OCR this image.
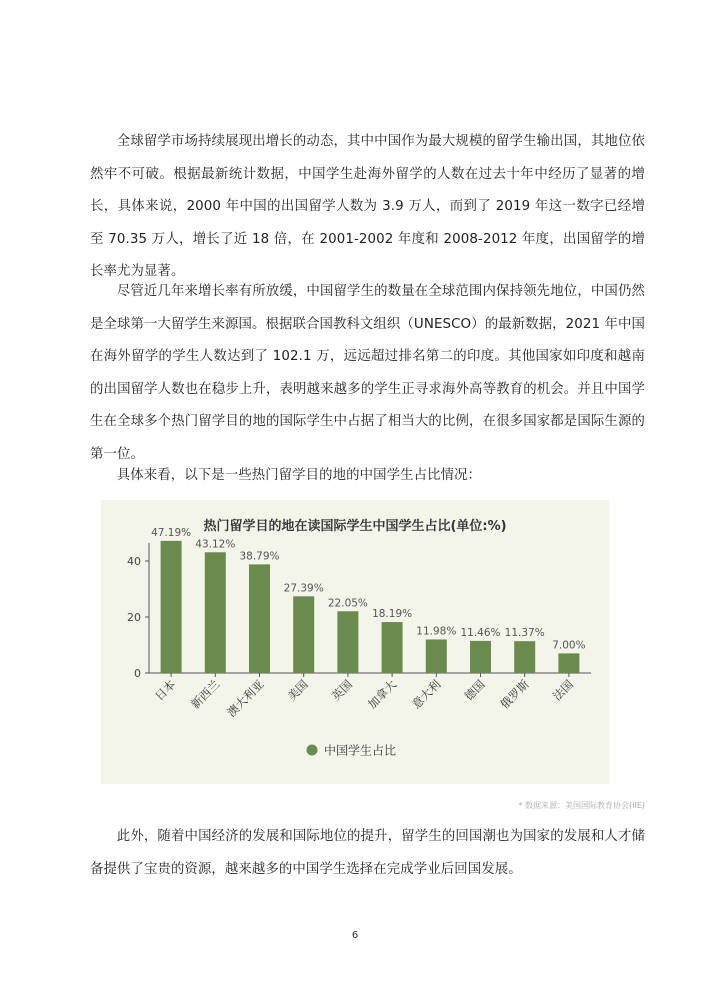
全球留学市场持续展现出增长的动态，其中中国作为最大规模的留学生输出国，其地位依然牢不可破。根据最新统计数据，中国学生赴海外留学的人数在过去十年中经历了显著的增长，具体来说，2000 年中国的出国留学人数为 3.9 万人，而到了 2019 年这一数字已经增至 70.35 万人，增长了近 18 倍，在 2001-2002 年度和 2008-2012 年度，出国留学的增长率尤为显著。

尽管近几年来增长率有所放缓，中国留学生的数量在全球范围内保持领先地位，中国仍然是全球第一大留学生来源国。根据联合国教科文组织（UNESCO）的最新数据，2021 年中国在海外留学的学生人数达到了 102.1 万，远远超过排名第二的印度。其他国家如印度和越南的出国留学人数也在稳步上升，表明越来越多的学生正寻求海外高等教育的机会。并且中国学生在全球多个热门留学目的地的国际学生中占据了相当大的比例，在很多国家都是国际生源的第一位。

具体来看，以下是一些热门留学目的地的中国学生占比情况：

热门留学目的地在读国际学生中国学生占比(单位:%)
0
20
40
47.19%
日本
43.12%
新西兰
38.79%
澳大利亚
27.39%
美国
22.05%
英国
18.19%
加拿大
11.98%
意大利
11.46%
德国
11.37%
俄罗斯
7.00%
法国
中国学生占比
* 数据来源：美国国际教育协会(IIE)

此外，随着中国经济的发展和国际地位的提升，留学生的回国潮也为国家的发展和人才储备提供了宝贵的资源，越来越多的中国学生选择在完成学业后回国发展。

6
